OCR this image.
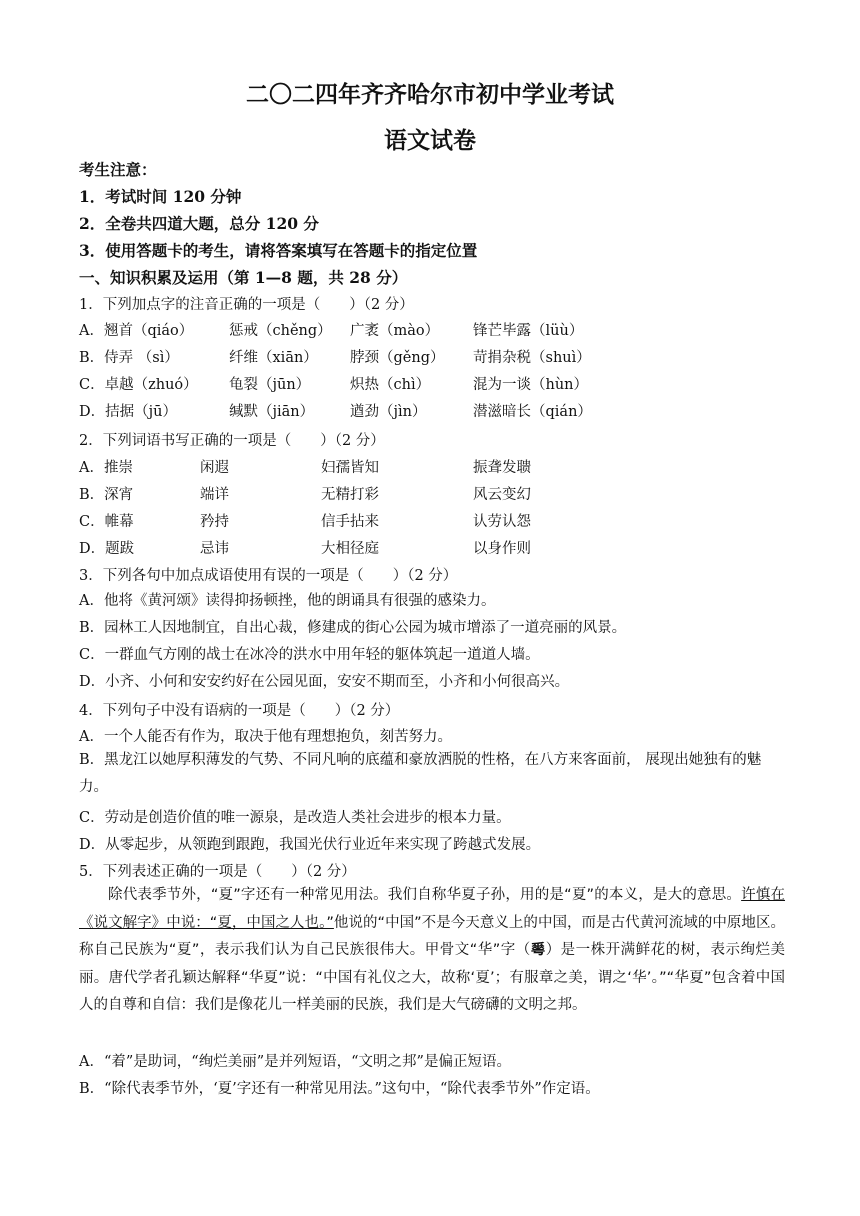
二〇二四年齐齐哈尔市初中学业考试
语文试卷
考生注意：
1．考试时间 120 分钟
2．全卷共四道大题，总分 120 分
3．使用答题卡的考生，请将答案填写在答题卡的指定位置
一、知识积累及运用（第 1—8 题，共 28 分）
1．下列加点字的注音正确的一项是（　　）（2 分）
A．翘首（qiáo） 惩戒（chěng） 广袤（mào） 锋芒毕露（lüù）
B．侍弄 （sì）	纤维（xiān） 脖颈（gěng） 苛捐杂税（shuì）
C．卓越（zhuó） 龟裂（jūn）	炽热（chì）	混为一谈（hùn）
D．拮据（jū）	缄默（jiān） 遒劲（jìn）	潜滋暗长（qián）
2．下列词语书写正确的一项是（　　）（2 分）
A．推崇	闲遐	妇孺皆知	振聋发聩
B．深宵	端详	无精打彩	风云变幻
C．帷幕	矜持	信手拈来	认劳认怨
D．题跋	忌讳	大相径庭	以身作则
3．下列各句中加点成语使用有误的一项是（　　）（2 分）
A．他将《黄河颂》读得抑扬顿挫，他的朗诵具有很强的感染力。
B．园林工人因地制宜，自出心裁，修建成的街心公园为城市增添了一道亮丽的风景。
C．一群血气方刚的战士在冰冷的洪水中用年轻的躯体筑起一道道人墙。
D．小齐、小何和安安约好在公园见面，安安不期而至，小齐和小何很高兴。
4．下列句子中没有语病的一项是（　　）（2 分）
A．一个人能否有作为，取决于他有理想抱负，刻苦努力。
B．黑龙江以她厚积薄发的气势、不同凡响的底蕴和豪放洒脱的性格，在八方来客面前， 展现出她独有的魅力。
C．劳动是创造价值的唯一源泉，是改造人类社会进步的根本力量。
D．从零起步，从领跑到跟跑，我国光伏行业近年来实现了跨越式发展。
5．下列表述正确的一项是（　　）（2 分）
除代表季节外，“夏”字还有一种常见用法。我们自称华夏子孙，用的是“夏”的本义，是大的意思。许慎在《说文解字》中说：“夏，中国之人也。”他说的“中国”不是今天意义上的中国，而是古代黄河流域的中原地区。称自己民族为“夏”，表示我们认为自己民族很伟大。甲骨文“华”字（𠌶）是一株开满鲜花的树，表示绚烂美丽。唐代学者孔颖达解释“华夏”说：“中国有礼仪之大，故称‘夏’；有服章之美，谓之‘华’。”“华夏”包含着中国人的自尊和自信：我们是像花儿一样美丽的民族，我们是大气磅礴的文明之邦。
A．“着”是助词，“绚烂美丽”是并列短语，“文明之邦”是偏正短语。
B．“除代表季节外，‘夏’字还有一种常见用法。”这句中，“除代表季节外”作定语。
